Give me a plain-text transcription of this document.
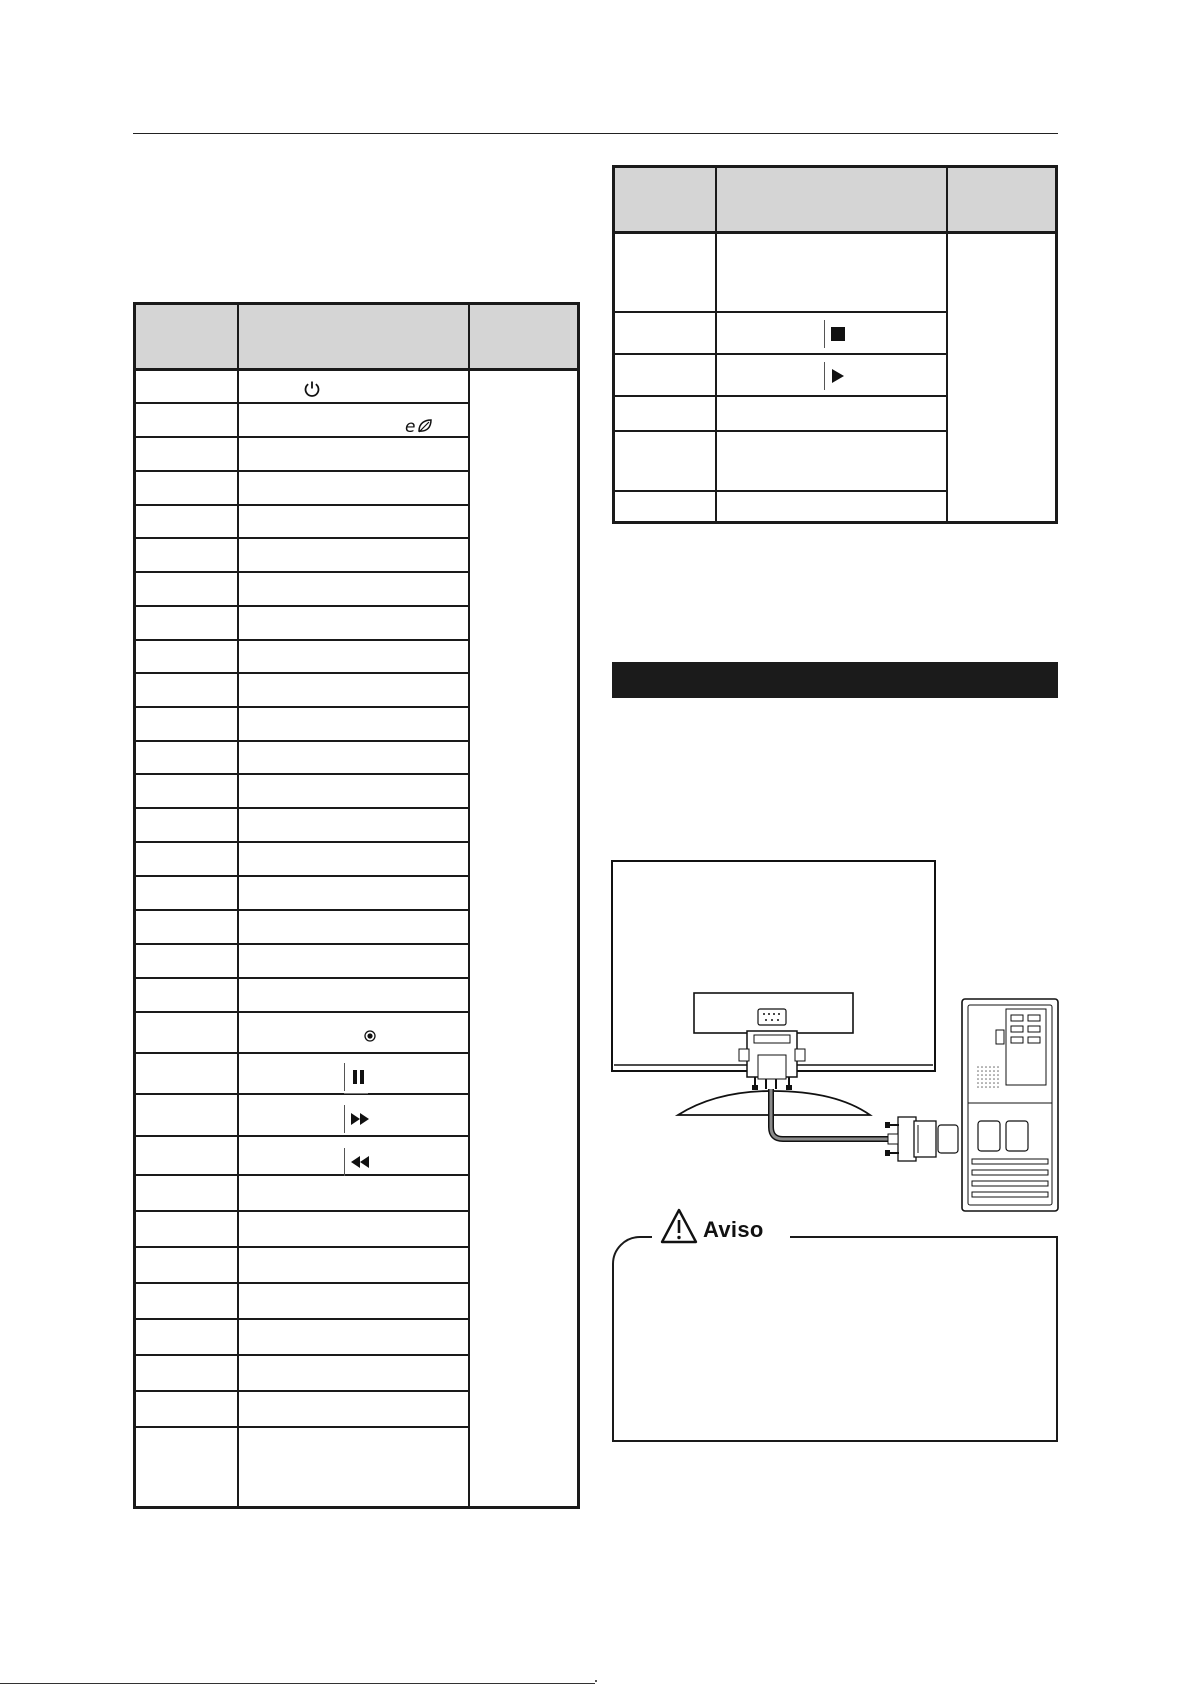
e
Aviso
